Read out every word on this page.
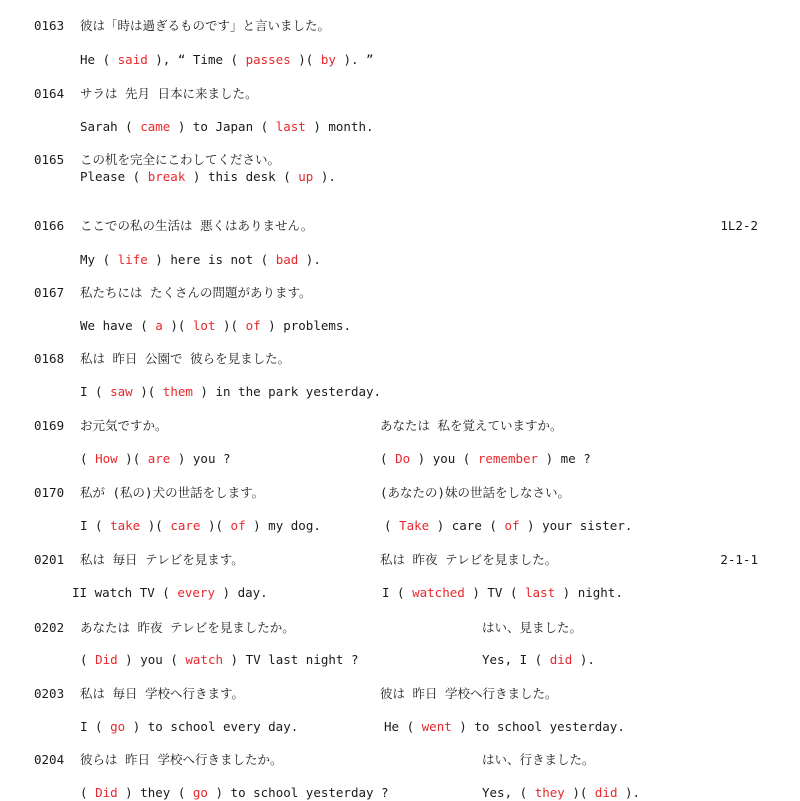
0163 彼は「時は過ぎるものです」と言いました。
He ( said ), “ Time ( passes )( by ). ”
0164 サラは 先月 日本に来ました。
Sarah ( came ) to Japan ( last ) month.
0165 この机を完全にこわしてください。
Please ( break ) this desk ( up ).
0166 ここでの私の生活は 悪くはありません。	1L2-2
My ( life ) here is not ( bad ).
0167 私たちには たくさんの問題があります。
We have ( a )( lot )( of ) problems.
0168 私は 昨日 公園で 彼らを見ました。
I ( saw )( them ) in the park yesterday.
0169 お元気ですか。	あなたは 私を覚えていますか。
( How )( are ) you ?	( Do ) you ( remember ) me ?
0170 私が (私の)犬の世話をします。	(あなたの)妹の世話をしなさい。
I ( take )( care )( of ) my dog.	( Take ) care ( of ) your sister.
0201 私は 毎日 テレビを見ます。	私は 昨夜 テレビを見ました。	2-1-1
II watch TV ( every ) day.	I ( watched ) TV ( last ) night.
0202 あなたは 昨夜 テレビを見ましたか。	はい、見ました。
( Did ) you ( watch ) TV last night ?	Yes, I ( did ).
0203 私は 毎日 学校へ行きます。	彼は 昨日 学校へ行きました。
I ( go ) to school every day.	He ( went ) to school yesterday.
0204 彼らは 昨日 学校へ行きましたか。	はい、行きました。
( Did ) they ( go ) to school yesterday ?	Yes, ( they )( did ).
